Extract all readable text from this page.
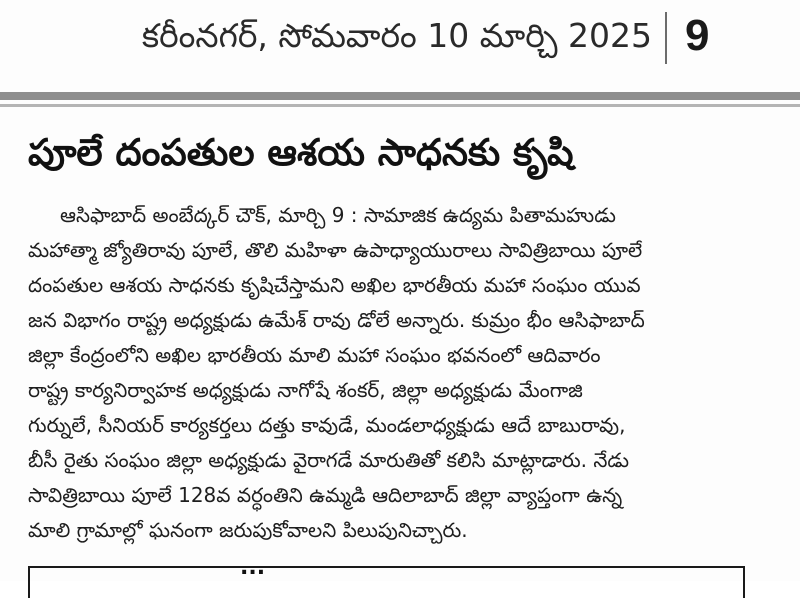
కరీంనగర్, సోమవారం 10 మార్చి 2025 9
పూలే దంపతుల ఆశయ సాధనకు కృషి
ఆసిఫాబాద్ అంబేద్కర్ చౌక్, మార్చి 9 : సామాజిక ఉద్యమ పితామహుడు
మహాత్మా జ్యోతిరావు పూలే, తొలి మహిళా ఉపాధ్యాయురాలు సావిత్రిబాయి పూలే
దంపతుల ఆశయ సాధనకు కృషిచేస్తామని అఖిల భారతీయ మహా సంఘం యువ
జన విభాగం రాష్ట్ర అధ్యక్షుడు ఉమేశ్ రావు డోలే అన్నారు. కుమ్రం భీం ఆసిఫాబాద్
జిల్లా కేంద్రంలోని అఖిల భారతీయ మాలి మహా సంఘం భవనంలో ఆదివారం
రాష్ట్ర కార్యనిర్వాహక అధ్యక్షుడు నాగోషే శంకర్, జిల్లా అధ్యక్షుడు మేంగాజి
గుర్నులే, సీనియర్ కార్యకర్తలు దత్తు కావుడే, మండలాధ్యక్షుడు ఆదే బాబురావు,
బీసీ రైతు సంఘం జిల్లా అధ్యక్షుడు వైరాగడే మారుతితో కలిసి మాట్లాడారు. నేడు
సావిత్రిబాయి పూలే 128వ వర్ధంతిని ఉమ్మడి ఆదిలాబాద్ జిల్లా వ్యాప్తంగా ఉన్న
మాలి గ్రామాల్లో ఘనంగా జరుపుకోవాలని పిలుపునిచ్చారు.
...
